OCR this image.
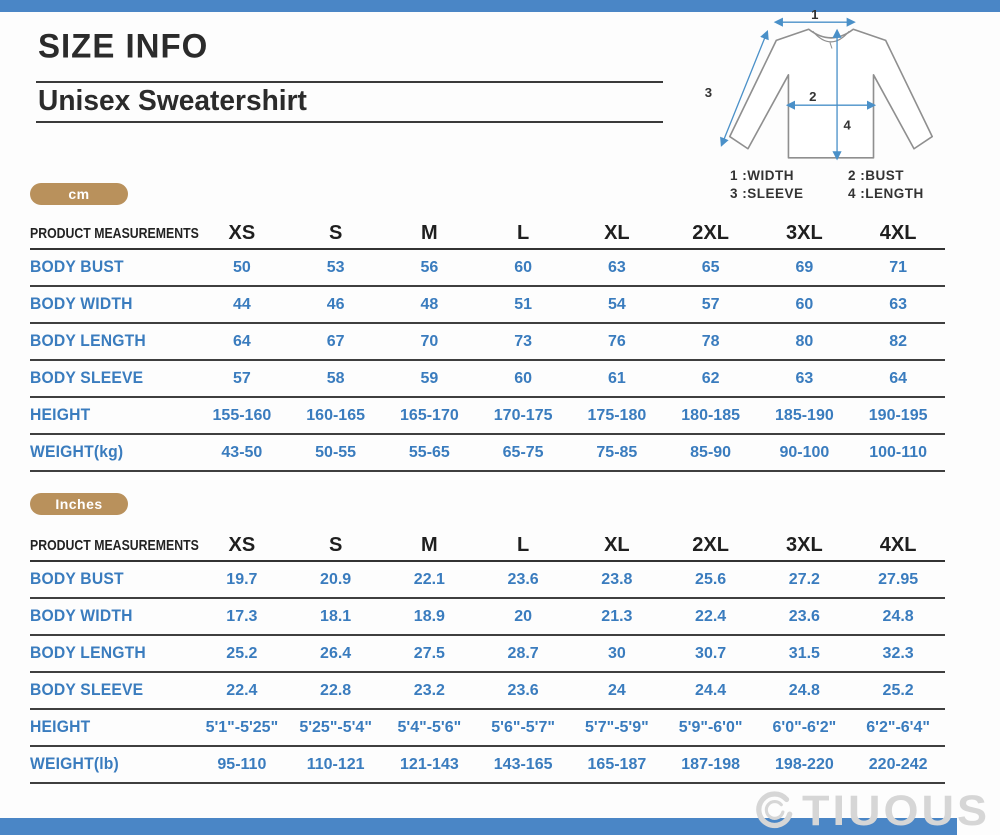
SIZE INFO
Unisex Sweatershirt
1
2
3
4
1 :WIDTH	2 :BUST
3 :SLEEVE	4 :LENGTH
cm
PRODUCT MEASUREMENTS	XS	S	M	L	XL	2XL	3XL	4XL
BODY BUST	50	53	56	60	63	65	69	71
BODY WIDTH	44	46	48	51	54	57	60	63
BODY LENGTH	64	67	70	73	76	78	80	82
BODY SLEEVE	57	58	59	60	61	62	63	64
HEIGHT	155-160	160-165	165-170	170-175	175-180	180-185	185-190	190-195
WEIGHT(kg)	43-50	50-55	55-65	65-75	75-85	85-90	90-100	100-110
Inches
PRODUCT MEASUREMENTS	XS	S	M	L	XL	2XL	3XL	4XL
BODY BUST	19.7	20.9	22.1	23.6	23.8	25.6	27.2	27.95
BODY WIDTH	17.3	18.1	18.9	20	21.3	22.4	23.6	24.8
BODY LENGTH	25.2	26.4	27.5	28.7	30	30.7	31.5	32.3
BODY SLEEVE	22.4	22.8	23.2	23.6	24	24.4	24.8	25.2
HEIGHT	5'1"-5'25"	5'25"-5'4"	5'4"-5'6"	5'6"-5'7"	5'7"-5'9"	5'9"-6'0"	6'0"-6'2"	6'2"-6'4"
WEIGHT(lb)	95-110	110-121	121-143	143-165	165-187	187-198	198-220	220-242
TIUOUS
